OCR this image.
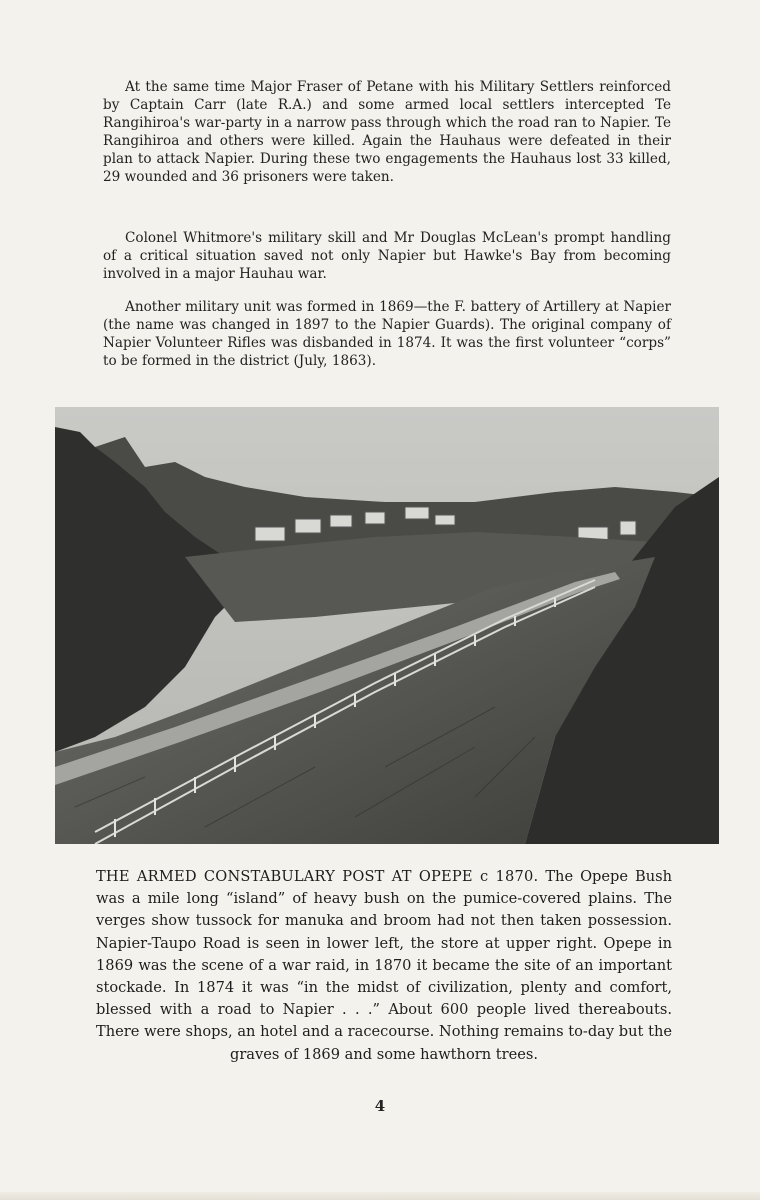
At the same time Major Fraser of Petane with his Military Settlers reinforced by Captain Carr (late R.A.) and some armed local settlers intercepted Te Rangihiroa's war-party in a narrow pass through which the road ran to Napier. Te Rangihiroa and others were killed. Again the Hauhaus were defeated in their plan to attack Napier. During these two engagements the Hauhaus lost 33 killed, 29 wounded and 36 prisoners were taken.

Colonel Whitmore's military skill and Mr Douglas McLean's prompt handling of a critical situation saved not only Napier but Hawke's Bay from becoming involved in a major Hauhau war.

Another military unit was formed in 1869—the F. battery of Artillery at Napier (the name was changed in 1897 to the Napier Guards). The original company of Napier Volunteer Rifles was disbanded in 1874. It was the first volunteer “corps” to be formed in the district (July, 1863).

THE ARMED CONSTABULARY POST AT OPEPE c 1870. The Opepe Bush was a mile long “island” of heavy bush on the pumice-covered plains. The verges show tussock for manuka and broom had not then taken possession. Napier-Taupo Road is seen in lower left, the store at upper right. Opepe in 1869 was the scene of a war raid, in 1870 it became the site of an important stockade. In 1874 it was “in the midst of civilization, plenty and comfort, blessed with a road to Napier . . .” About 600 people lived thereabouts. There were shops, an hotel and a racecourse. Nothing remains to-day but the graves of 1869 and some hawthorn trees.
4
